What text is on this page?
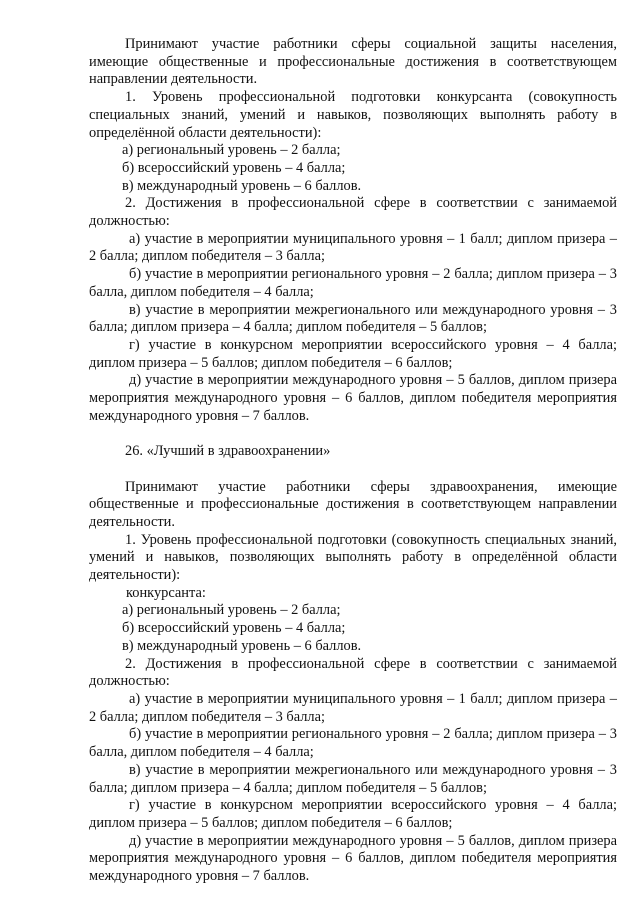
Принимают участие работники сферы социальной защиты населения, имеющие общественные и профессиональные достижения в соответствующем направлении деятельности.

1. Уровень профессиональной подготовки конкурсанта (совокупность специальных знаний, умений и навыков, позволяющих выполнять работу в определённой области деятельности):

а) региональный уровень – 2 балла;

б) всероссийский уровень – 4 балла;

в) международный уровень – 6 баллов.

2. Достижения в профессиональной сфере в соответствии с занимаемой должностью:

а) участие в мероприятии муниципального уровня – 1 балл; диплом призера – 2 балла; диплом победителя – 3 балла;

б) участие в мероприятии регионального уровня – 2 балла; диплом призера – 3 балла, диплом победителя – 4 балла;

в) участие в мероприятии межрегионального или международного уровня – 3 балла; диплом призера – 4 балла; диплом победителя – 5 баллов;

г) участие в конкурсном мероприятии всероссийского уровня – 4 балла; диплом призера – 5 баллов; диплом победителя – 6 баллов;

д) участие в мероприятии международного уровня – 5 баллов, диплом призера мероприятия международного уровня – 6 баллов, диплом победителя мероприятия международного уровня – 7 баллов.

26. «Лучший в здравоохранении»

Принимают участие работники сферы здравоохранения, имеющие общественные и профессиональные достижения в соответствующем направлении деятельности.

1. Уровень профессиональной подготовки (совокупность специальных знаний, умений и навыков, позволяющих выполнять работу в определённой области деятельности):

конкурсанта:

а) региональный уровень – 2 балла;

б) всероссийский уровень – 4 балла;

в) международный уровень – 6 баллов.

2. Достижения в профессиональной сфере в соответствии с занимаемой должностью:

а) участие в мероприятии муниципального уровня – 1 балл; диплом призера – 2 балла; диплом победителя – 3 балла;

б) участие в мероприятии регионального уровня – 2 балла; диплом призера – 3 балла, диплом победителя – 4 балла;

в) участие в мероприятии межрегионального или международного уровня – 3 балла; диплом призера – 4 балла; диплом победителя – 5 баллов;

г) участие в конкурсном мероприятии всероссийского уровня – 4 балла; диплом призера – 5 баллов; диплом победителя – 6 баллов;

д) участие в мероприятии международного уровня – 5 баллов, диплом призера мероприятия международного уровня – 6 баллов, диплом победителя мероприятия международного уровня – 7 баллов.
